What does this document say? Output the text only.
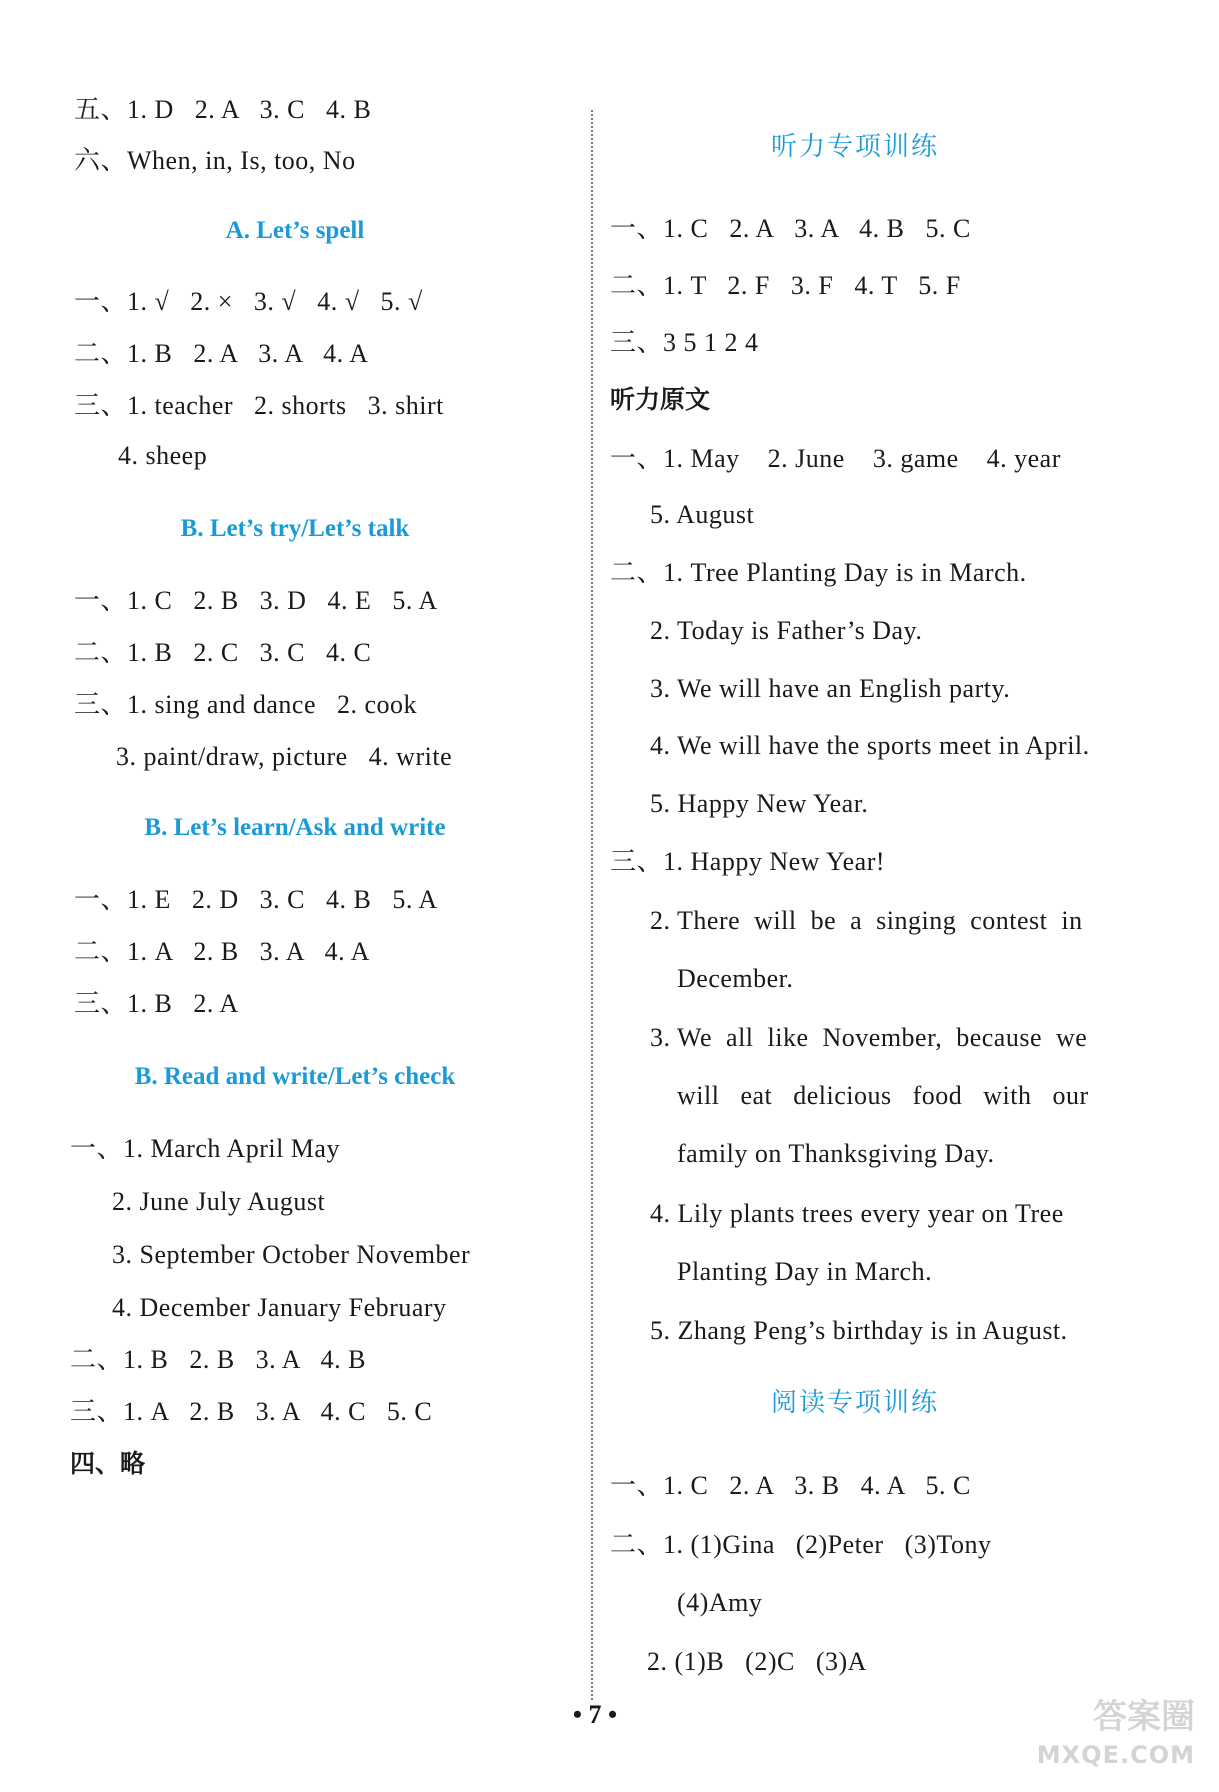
五、1. D   2. A   3. C   4. B
六、When, in, Is, too, No
A. Let’s spell
一、1. √   2. ×   3. √   4. √   5. √
二、1. B   2. A   3. A   4. A
三、1. teacher   2. shorts   3. shirt
4. sheep
B. Let’s try/Let’s talk
一、1. C   2. B   3. D   4. E   5. A
二、1. B   2. C   3. C   4. C
三、1. sing and dance   2. cook
3. paint/draw, picture   4. write
B. Let’s learn/Ask and write
一、1. E   2. D   3. C   4. B   5. A
二、1. A   2. B   3. A   4. A
三、1. B   2. A
B. Read and write/Let’s check
一、1. March April May
2. June July August
3. September October November
4. December January February
二、1. B   2. B   3. A   4. B
三、1. A   2. B   3. A   4. C   5. C
四、略
听力专项训练
一、1. C   2. A   3. A   4. B   5. C
二、1. T   2. F   3. F   4. T   5. F
三、3 5 1 2 4
听力原文
一、1. May    2. June    3. game    4. year
5. August
二、1. Tree Planting Day is in March.
2. Today is Father’s Day.
3. We will have an English party.
4. We will have the sports meet in April.
5. Happy New Year.
三、1. Happy New Year!
2. There  will  be  a  singing  contest  in
December.
3. We  all  like  November,  because  we
will   eat   delicious   food   with   our
family on Thanksgiving Day.
4. Lily plants trees every year on Tree
Planting Day in March.
5. Zhang Peng’s birthday is in August.
阅读专项训练
一、1. C   2. A   3. B   4. A   5. C
二、1. (1)Gina   (2)Peter   (3)Tony
(4)Amy
2. (1)B   (2)C   (3)A
• 7 •	答案圈
MXQE.COM
